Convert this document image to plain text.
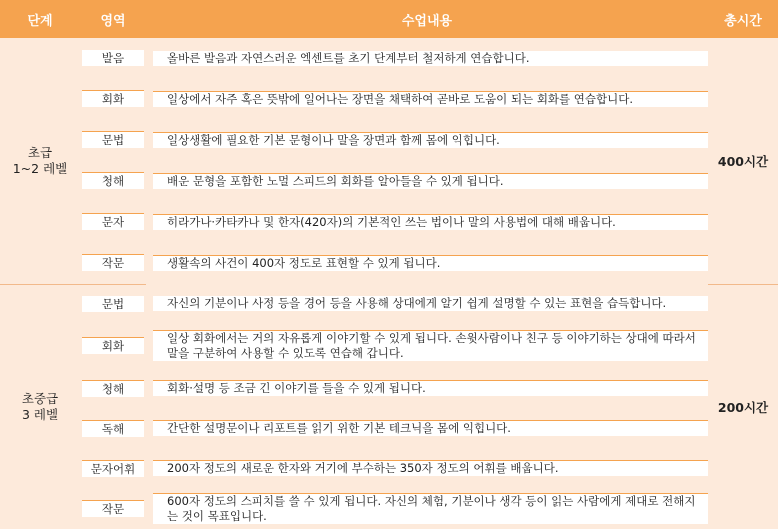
단계	영역	수업내용	총시간

초급
1~2 레벨	발음	올바른 발음과 자연스러운 엑센트를 초기 단계부터 철저하게 연습합니다.	400시간

회화	일상에서 자주 혹은 뜻밖에 일어나는 장면을 채택하여 곧바로 도움이 되는 회화를 연습합니다.	

문법	일상생활에 필요한 기본 문형이나 말을 장면과 함께 몸에 익힙니다.	

청해	배운 문형을 포함한 노멀 스피드의 회화를 알아들을 수 있게 됩니다.	

문자	히라가나·카타카나 및 한자(420자)의 기본적인 쓰는 법이나 말의 사용법에 대해 배웁니다.	

작문	생활속의 사건이 400자 정도로 표현할 수 있게 됩니다.	

초중급
3 레벨	문법	자신의 기분이나 사정 등을 경어 등을 사용해 상대에게 알기 쉽게 설명할 수 있는 표현을 습득합니다.	200시간

회화	일상 회화에서는 거의 자유롭게 이야기할 수 있게 됩니다. 손윗사람이나 친구 등 이야기하는 상대에 따라서 말을 구분하여 사용할 수 있도록 연습해 갑니다.	

청해	회화·설명 등 조금 긴 이야기를 들을 수 있게 됩니다.	

독해	간단한 설명문이나 리포트를 읽기 위한 기본 테크닉을 몸에 익힙니다.	

문자어휘	200자 정도의 새로운 한자와 거기에 부수하는 350자 정도의 어휘를 배웁니다.	

작문	600자 정도의 스피치를 쓸 수 있게 됩니다. 자신의 체험, 기분이나 생각 등이 읽는 사람에게 제대로 전해지는 것이 목표입니다.	
